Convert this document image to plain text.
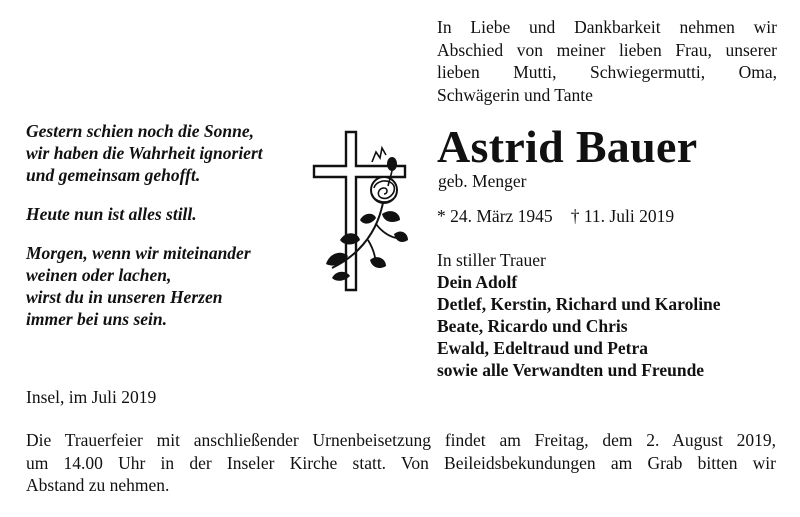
In Liebe und Dankbarkeit nehmen wir
Abschied von meiner lieben Frau, unserer
lieben Mutti, Schwiegermutti, Oma,
Schwägerin und Tante
Gestern schien noch die Sonne,
wir haben die Wahrheit ignoriert
und gemeinsam gehofft.
Heute nun ist alles still.
Morgen, wenn wir miteinander
weinen oder lachen,
wirst du in unseren Herzen
immer bei uns sein.
Astrid Bauer
geb. Menger
* 24. März 1945 † 11. Juli 2019
In stiller Trauer
Dein Adolf
Detlef, Kerstin, Richard und Karoline
Beate, Ricardo und Chris
Ewald, Edeltraud und Petra
sowie alle Verwandten und Freunde
Insel, im Juli 2019
Die Trauerfeier mit anschließender Urnenbeisetzung findet am Freitag, dem 2. August 2019,
um 14.00 Uhr in der Inseler Kirche statt. Von Beileidsbekundungen am Grab bitten wir
Abstand zu nehmen.
